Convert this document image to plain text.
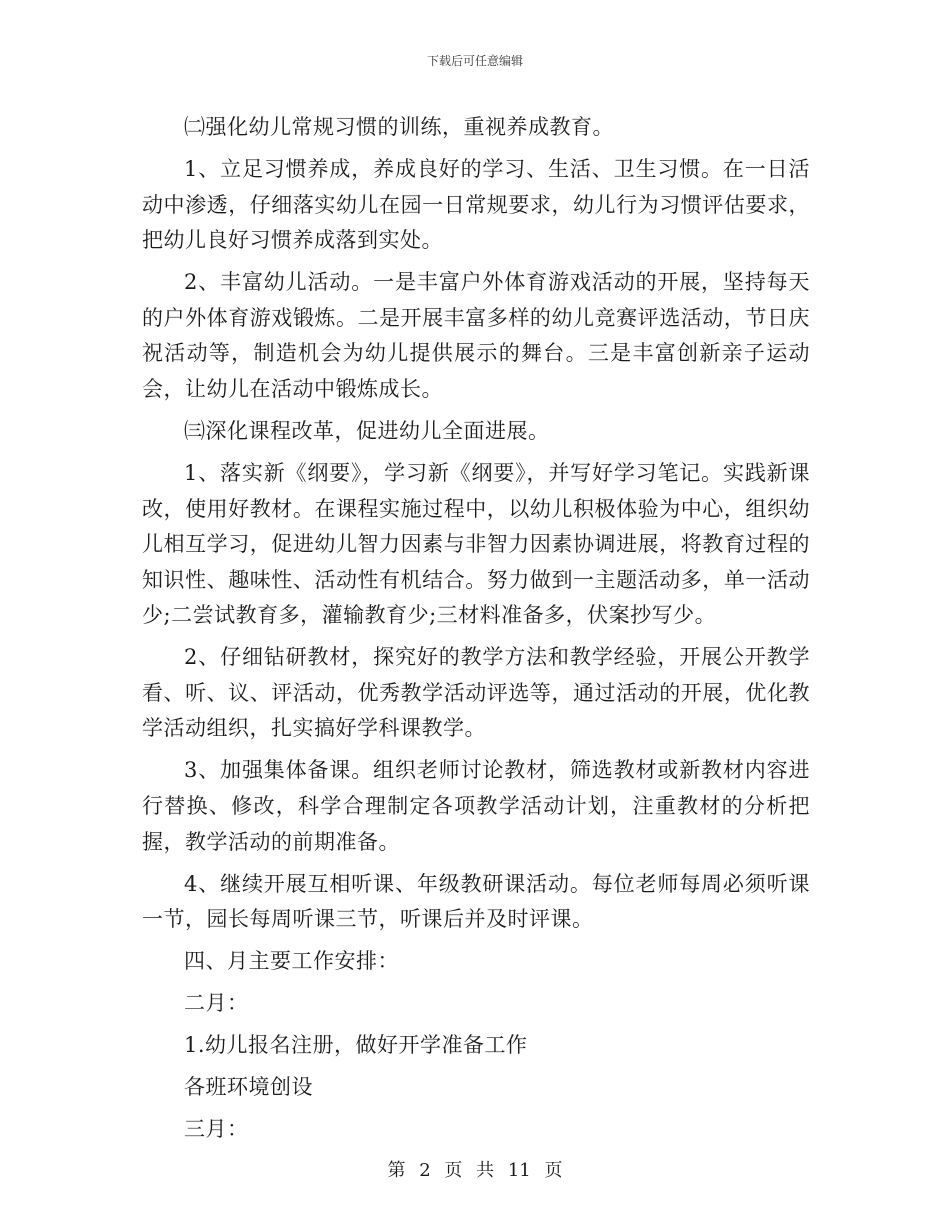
下载后可任意编辑

㈡强化幼儿常规习惯的训练，重视养成教育。

1、立足习惯养成，养成良好的学习、生活、卫生习惯。在一日活动中渗透，仔细落实幼儿在园一日常规要求，幼儿行为习惯评估要求，把幼儿良好习惯养成落到实处。

2、丰富幼儿活动。一是丰富户外体育游戏活动的开展，坚持每天的户外体育游戏锻炼。二是开展丰富多样的幼儿竞赛评选活动，节日庆祝活动等，制造机会为幼儿提供展示的舞台。三是丰富创新亲子运动会，让幼儿在活动中锻炼成长。

㈢深化课程改革，促进幼儿全面进展。

1、落实新《纲要》，学习新《纲要》，并写好学习笔记。实践新课改，使用好教材。在课程实施过程中，以幼儿积极体验为中心，组织幼儿相互学习，促进幼儿智力因素与非智力因素协调进展，将教育过程的知识性、趣味性、活动性有机结合。努力做到一主题活动多，单一活动少;二尝试教育多，灌输教育少;三材料准备多，伏案抄写少。

2、仔细钻研教材，探究好的教学方法和教学经验，开展公开教学看、听、议、评活动，优秀教学活动评选等，通过活动的开展，优化教学活动组织，扎实搞好学科课教学。

3、加强集体备课。组织老师讨论教材，筛选教材或新教材内容进行替换、修改，科学合理制定各项教学活动计划，注重教材的分析把握，教学活动的前期准备。

4、继续开展互相听课、年级教研课活动。每位老师每周必须听课一节，园长每周听课三节，听课后并及时评课。

四、月主要工作安排：

二月：

1.幼儿报名注册，做好开学准备工作

各班环境创设

三月：

第 2 页 共 11 页
